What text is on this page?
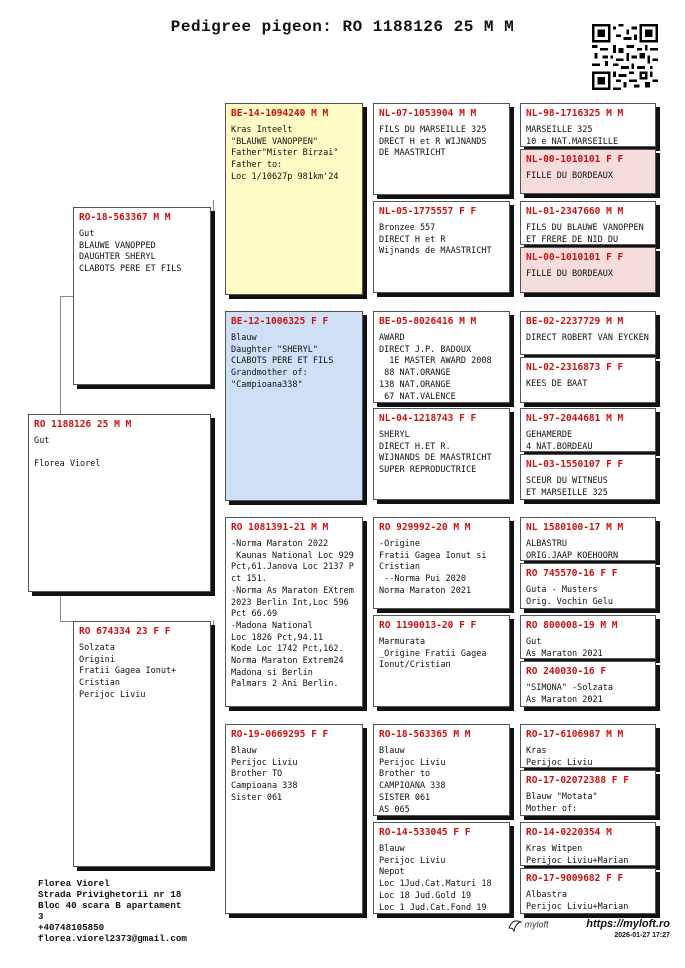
Pedigree pigeon: RO 1188126 25 M M
RO 1188126 25 M M
Gut

Florea Viorel
RO-18-563367 M M
Gut
BLAUWE VANOPPED
DAUGHTER SHERYL
CLABOTS PERE ET FILS
RO 674334 23 F F
Solzata
Origini
Fratii Gagea Ionut+
Cristian
Perijoc Liviu
BE-14-1094240 M M
Kras Inteelt
"BLAUWE VANOPPEN"
Father"Mister Birzai"
Father to:
Loc 1/10627p 981km'24
BE-12-1006325 F F
Blauw
Daughter "SHERYL"
CLABOTS PERE ET FILS
Grandmother of:
"Campioana338"
RO 1081391-21 M M
-Norma Maraton 2022
Kaunas National Loc 929
Pct,61.Janova Loc 2137 P
ct 151.
-Norma As Maraton EXtrem
2023 Berlin Int,Loc 596
Pct 66.69
-Madona National
Loc 1826 Pct,94.11
Kode Loc 1742 Pct,162.
Norma Maraton Extrem24
Madona si Berlin
Palmars 2 Ani Berlin.
RO-19-0669295 F F
Blauw
Perijoc Liviu
Brother TO
Campioana 338
Sister 061
NL-07-1053904 M M
FILS DU MARSEILLE 325
DRECT H et R WIJNANDS
DE MAASTRICHT
NL-05-1775557 F F
Bronzee 557
DIRECT H et R
Wijnands de MAASTRICHT
BE-05-8026416 M M
AWARD
DIRECT J.P. BADOUX
1E MASTER AWARD 2008
88 NAT.ORANGE
138 NAT.ORANGE
67 NAT.VALENCE
NL-04-1218743 F F
SHERYL
DIRECT H.ET R.
WIJNANDS DE MAASTRICHT
SUPER REPRODUCTRICE
RO 929992-20 M M
-Origine
Fratii Gagea Ionut si
Cristian
--Norma Pui 2020
Norma Maraton 2021
RO 1190013-20 F F
Marmurata
_Origine Fratii Gagea
Ionut/Cristian
RO-18-563365 M M
Blauw
Perijoc Liviu
Brother to
CAMPIOANA 338
SISTER 061
AS 065
RO-14-533045 F F
Blauw
Perijoc Liviu
Nepot
Loc 1Jud.Cat.Maturi 18
Loc 18 Jud.Gold 19
Loc 1 Jud.Cat.Fond 19
NL-98-1716325 M M
MARSEILLE 325
10 e NAT.MARSEILLE
NL-00-1010101 F F
FILLE DU BORDEAUX
NL-01-2347660 M M
FILS DU BLAUWE VANOPPEN
ET FRERE DE NID DU
NL-00-1010101 F F
FILLE DU BORDEAUX
BE-02-2237729 M M
DIRECT ROBERT VAN EYCKEN
NL-02-2316873 F F
KEES DE BAAT
NL-97-2044681 M M
GEHAMERDE
4 NAT.BORDEAU
NL-03-1550107 F F
SCEUR DU WITNEUS
ET MARSEILLE 325
NL 1580100-17 M M
ALBASTRU
ORIG.JAAP KOEHOORN
RO 745570-16 F F
Guta - Musters
Orig. Vochin Gelu
RO 800008-19 M M
Gut
As Maraton 2021
RO 240030-16 F
"SIMONA" -Solzata
As Maraton 2021
RO-17-6106987 M M
Kras
Perijoc Liviu
RO-17-02072388 F F
Blauw "Motata"
Mother of:
RO-14-0220354 M
Kras Witpen
Perijoc Liviu+Marian
RO-17-9009682 F F
Albastra
Perijoc Liviu+Marian
Florea Viorel
Strada Privighetorii nr 18
Bloc 40 scara B apartament
3
+40748105850
florea.viorel2373@gmail.com
myloft	https://myloft.ro
2026-01-27 17:27
